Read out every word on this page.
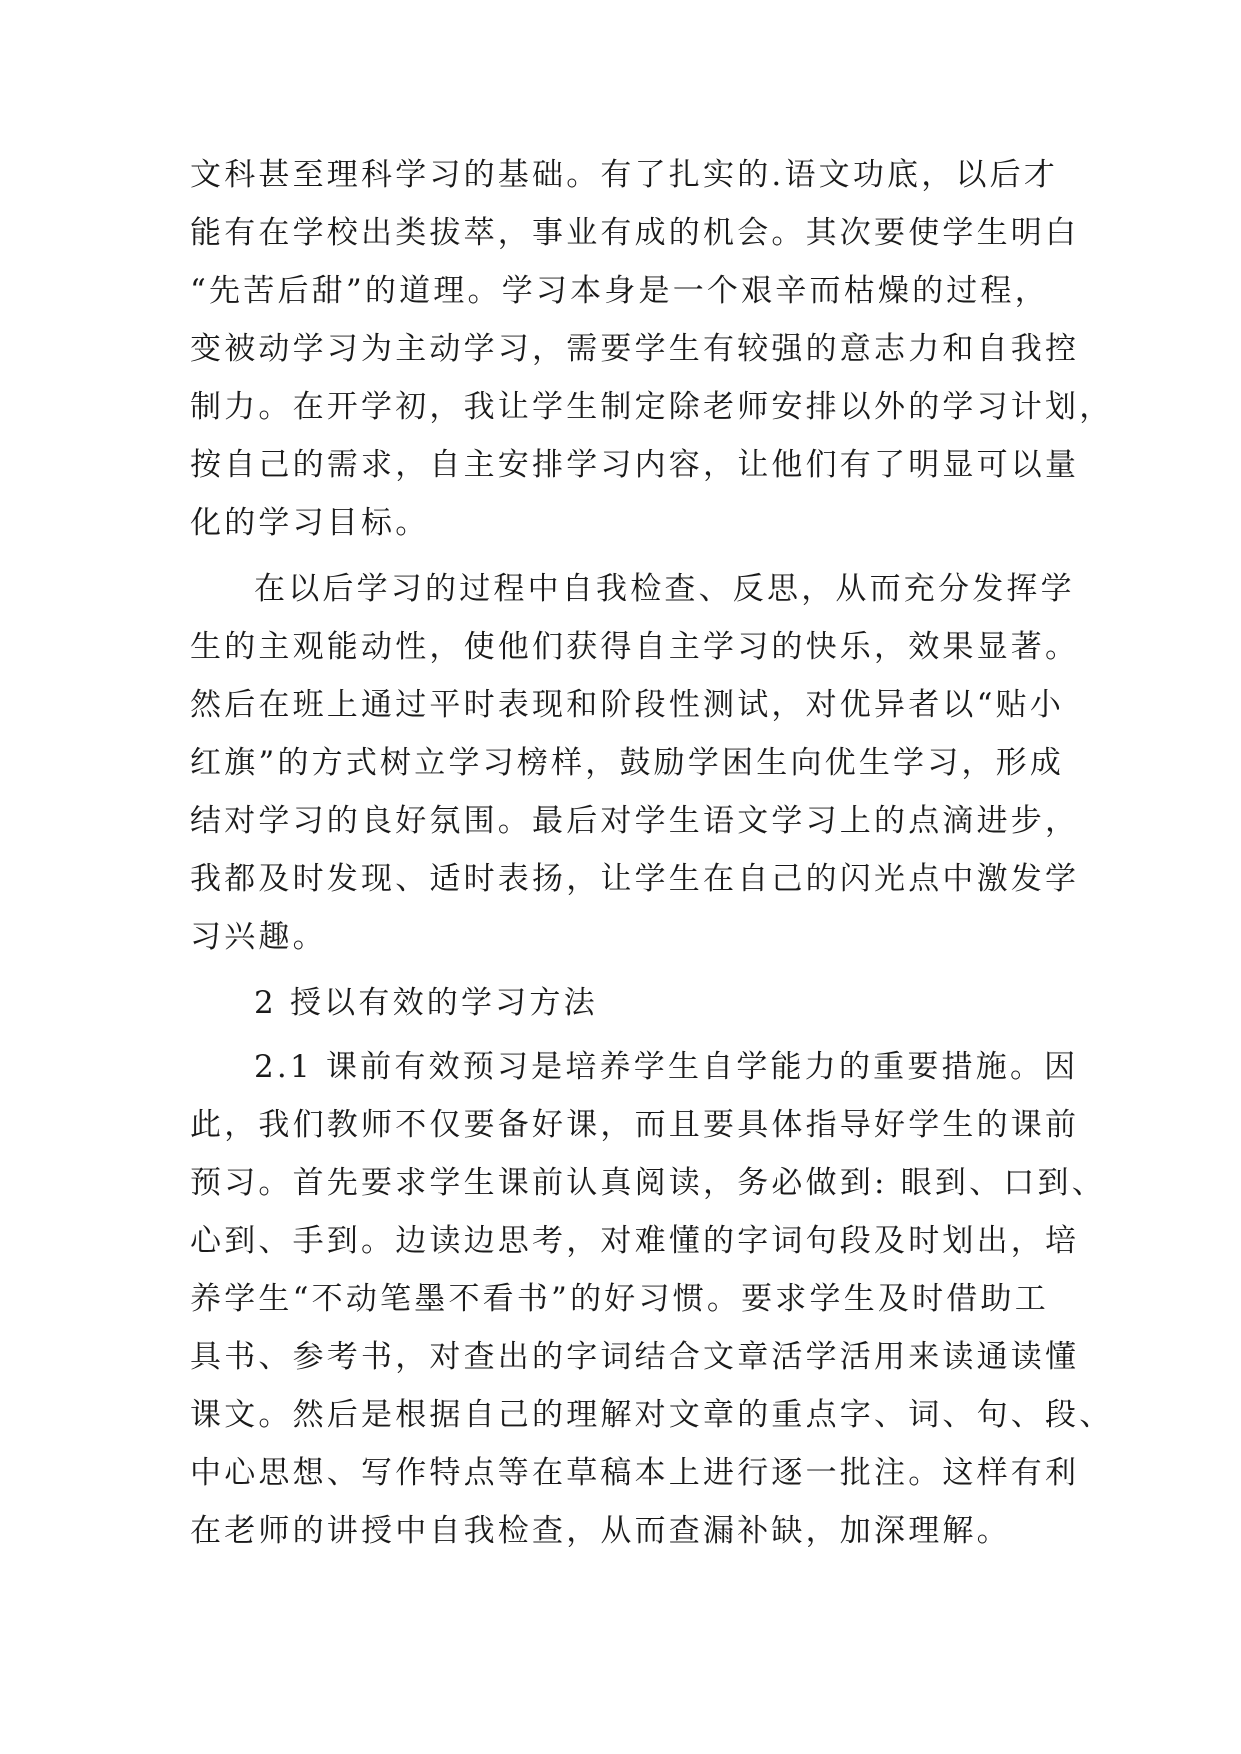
文科甚至理科学习的基础。有了扎实的.语文功底，以后才
能有在学校出类拔萃，事业有成的机会。其次要使学生明白
“先苦后甜”的道理。学习本身是一个艰辛而枯燥的过程，
变被动学习为主动学习，需要学生有较强的意志力和自我控
制力。在开学初，我让学生制定除老师安排以外的学习计划，
按自己的需求，自主安排学习内容，让他们有了明显可以量
化的学习目标。
在以后学习的过程中自我检查、反思，从而充分发挥学
生的主观能动性，使他们获得自主学习的快乐，效果显著。
然后在班上通过平时表现和阶段性测试，对优异者以“贴小
红旗”的方式树立学习榜样，鼓励学困生向优生学习，形成
结对学习的良好氛围。最后对学生语文学习上的点滴进步，
我都及时发现、适时表扬，让学生在自己的闪光点中激发学
习兴趣。
2 授以有效的学习方法
2.1 课前有效预习是培养学生自学能力的重要措施。因
此，我们教师不仅要备好课，而且要具体指导好学生的课前
预习。首先要求学生课前认真阅读，务必做到: 眼到、口到、
心到、手到。边读边思考，对难懂的字词句段及时划出，培
养学生“不动笔墨不看书”的好习惯。要求学生及时借助工
具书、参考书，对查出的字词结合文章活学活用来读通读懂
课文。然后是根据自己的理解对文章的重点字、词、句、段、
中心思想、写作特点等在草稿本上进行逐一批注。这样有利
在老师的讲授中自我检查，从而查漏补缺，加深理解。
